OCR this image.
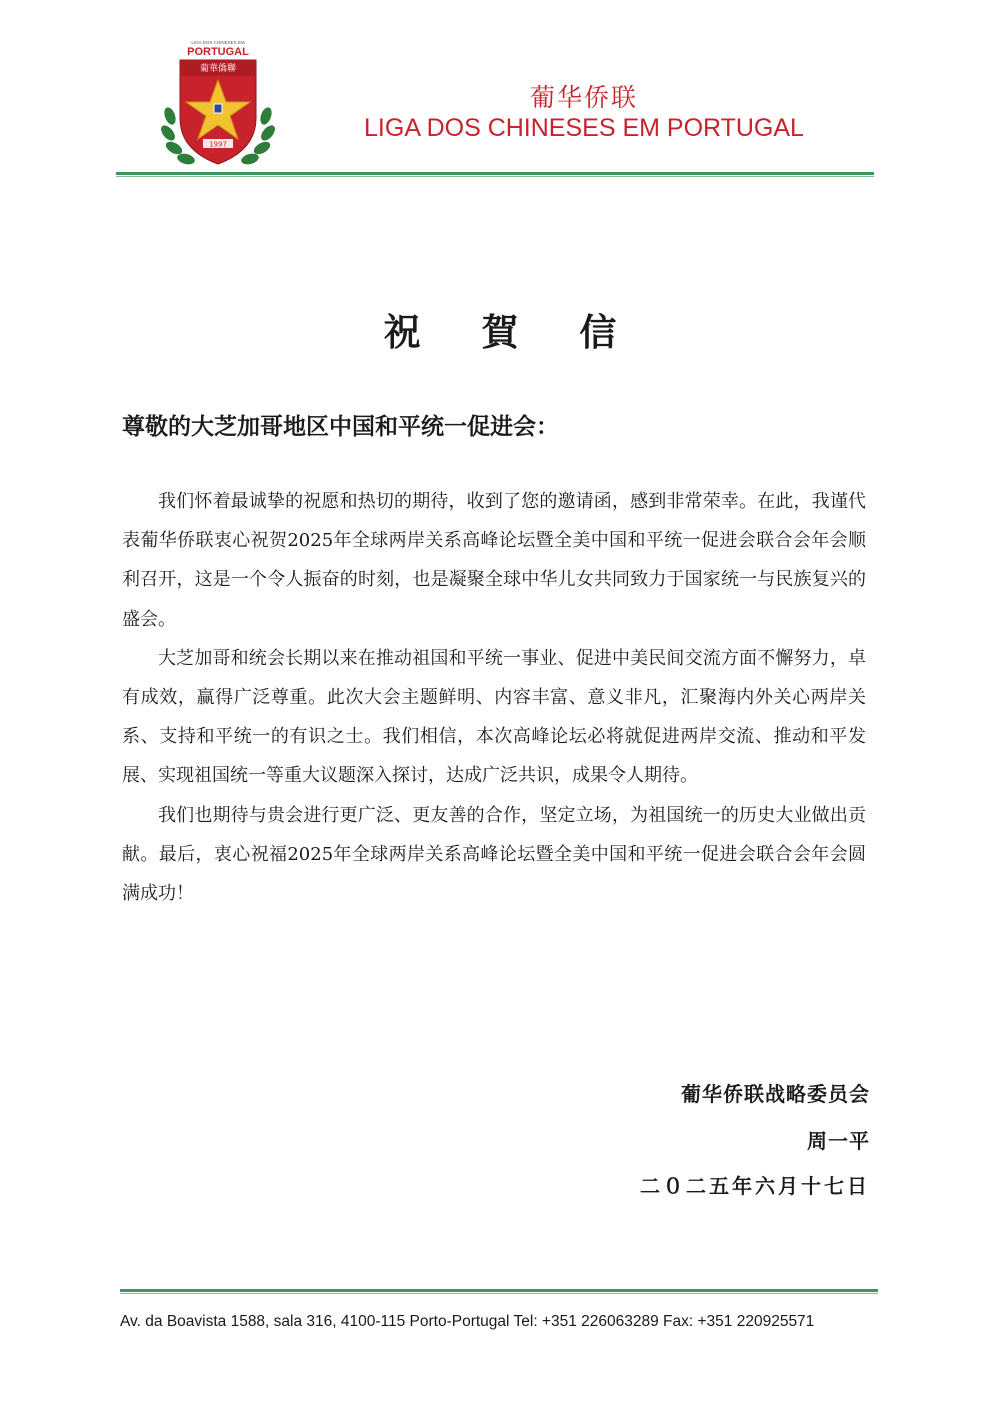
葡華僑聯
1997
LIGA DOS CHINESES EM
PORTUGAL
葡华侨联
LIGA DOS CHINESES EM PORTUGAL
祝 賀 信
尊敬的大芝加哥地区中国和平统一促进会：

我们怀着最诚挚的祝愿和热切的期待，收到了您的邀请函，感到非常荣幸。在此，我谨代表葡华侨联衷心祝贺2025年全球两岸关系高峰论坛暨全美中国和平统一促进会联合会年会顺利召开，这是一个令人振奋的时刻，也是凝聚全球中华儿女共同致力于国家统一与民族复兴的盛会。

大芝加哥和统会长期以来在推动祖国和平统一事业、促进中美民间交流方面不懈努力，卓有成效，赢得广泛尊重。此次大会主题鲜明、内容丰富、意义非凡，汇聚海内外关心两岸关系、支持和平统一的有识之士。我们相信，本次高峰论坛必将就促进两岸交流、推动和平发展、实现祖国统一等重大议题深入探讨，达成广泛共识，成果令人期待。

我们也期待与贵会进行更广泛、更友善的合作，坚定立场，为祖国统一的历史大业做出贡献。最后，衷心祝福2025年全球两岸关系高峰论坛暨全美中国和平统一促进会联合会年会圆满成功！

葡华侨联战略委员会
周一平
二０二五年六月十七日
Av. da Boavista 1588, sala 316, 4100-115 Porto-Portugal Tel: +351 226063289 Fax: +351 220925571
